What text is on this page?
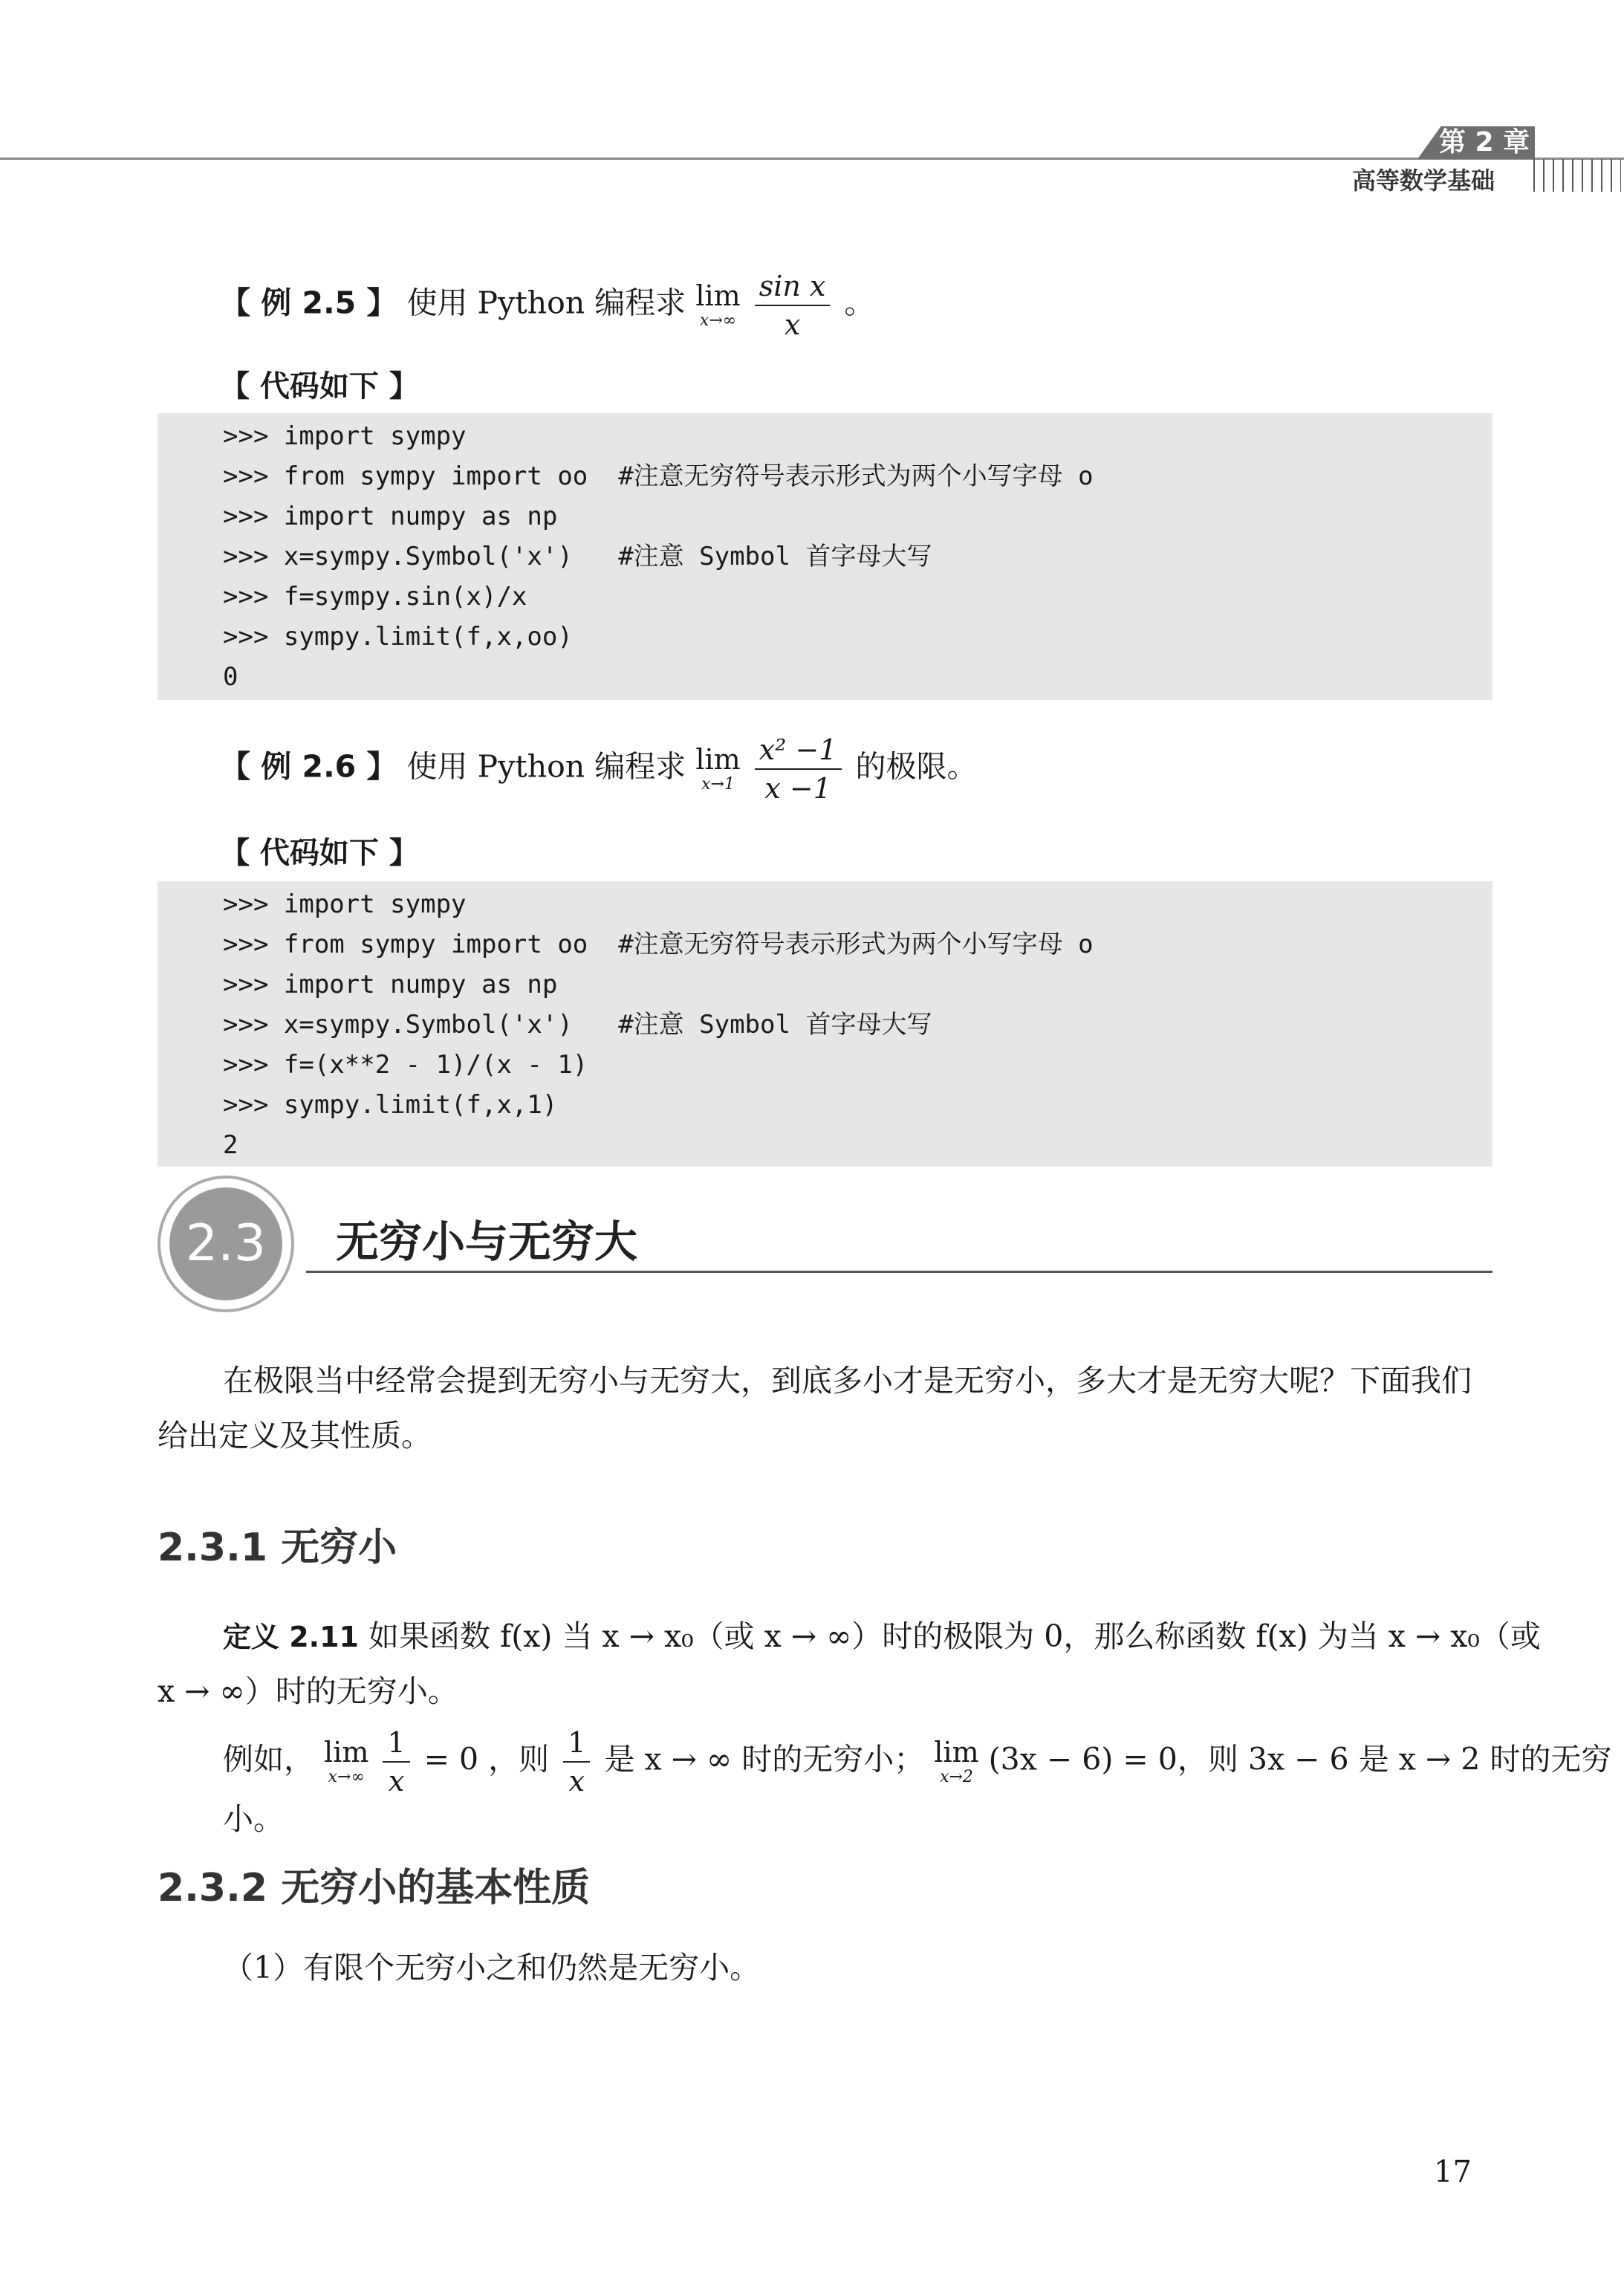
第 2 章
高等数学基础
【 例 2.5 】 使用 Python 编程求 lim
x→∞
$\frac{\text{sin x}}{x}$ 。
【 代码如下 】
>>> import sympy
>>> from sympy import oo  #注意无穷符号表示形式为两个小写字母 o
>>> import numpy as np
>>> x=sympy.Symbol('x')   #注意 Symbol 首字母大写
>>> f=sympy.sin(x)/x
>>> sympy.limit(f,x,oo)
0
【 例 2.6 】 使用 Python 编程求 lim
x→1
$\frac{\text{x² −1}}{x -1}$ 的极限。
【 代码如下 】
>>> import sympy
>>> from sympy import oo  #注意无穷符号表示形式为两个小写字母 o
>>> import numpy as np
>>> x=sympy.Symbol('x')   #注意 Symbol 首字母大写
>>> f=(x**2 - 1)/(x - 1)
>>> sympy.limit(f,x,1)
2
2.3	无穷小与无穷大
在极限当中经常会提到无穷小与无穷大，到底多小才是无穷小，多大才是无穷大呢？下面我们
给出定义及其性质。
2.3.1 无穷小
定义 2.11 如果函数 f(x) 当 x → x₀（或 x → ∞）时的极限为 0，那么称函数 f(x) 为当 x → x₀（或
x → ∞）时的无穷小。
例如， lim
x→∞
$\frac{1}{x} = 0$ ，则 $\frac{1}{x}$ 是 x → ∞ 时的无穷小； lim
x→2 (3x − 6) = 0，则 3x − 6 是 x → 2 时的无穷小。
2.3.2 无穷小的基本性质
（1）有限个无穷小之和仍然是无穷小。
17
